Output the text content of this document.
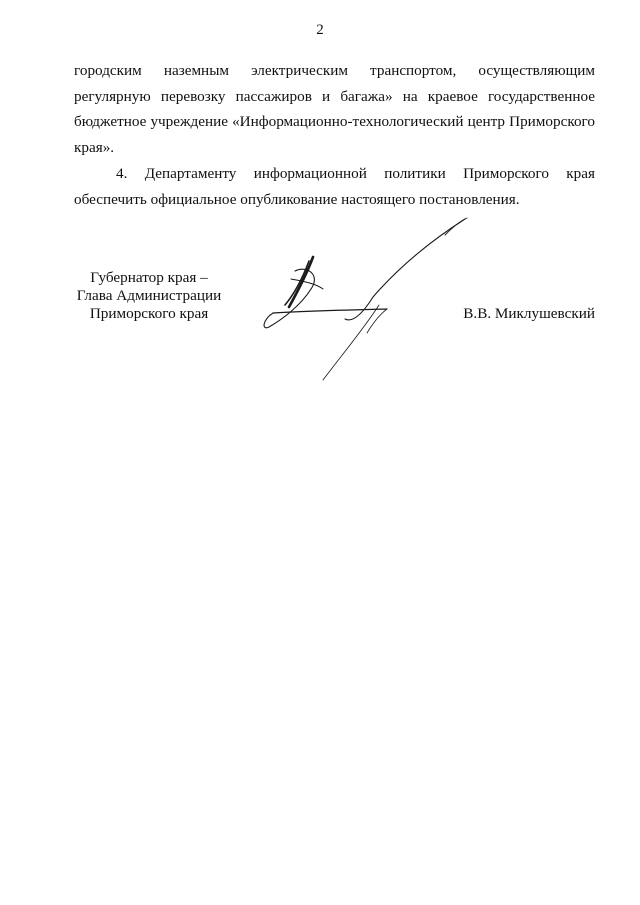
2
городским наземным электрическим транспортом, осуществляющим
регулярную перевозку пассажиров и багажа» на краевое государственное
бюджетное учреждение «Информационно-технологический центр Приморского
края».
4. Департаменту информационной политики Приморского края
обеспечить официальное опубликование настоящего постановления.
Губернатор края –
Глава Администрации
Приморского края	В.В. Миклушевский
